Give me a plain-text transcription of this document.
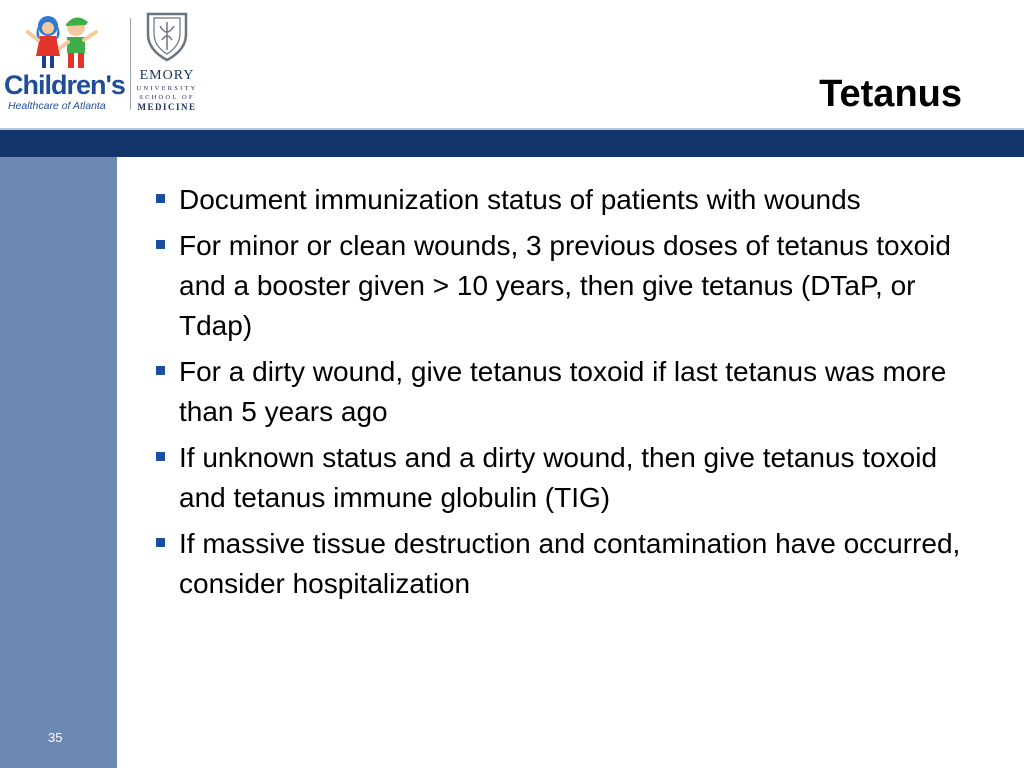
Children's
Healthcare of Atlanta
EMORY
UNIVERSITY
SCHOOL OF
MEDICINE	Tetanus
35
Document immunization status of patients with wounds
For minor or clean wounds, 3 previous doses of tetanus toxoid and a booster given > 10 years, then give tetanus (DTaP, or Tdap)
For a dirty wound, give tetanus toxoid if last tetanus was more than 5 years ago
If unknown status and a dirty wound, then give tetanus toxoid and tetanus immune globulin (TIG)
If massive tissue destruction and contamination have occurred, consider hospitalization
